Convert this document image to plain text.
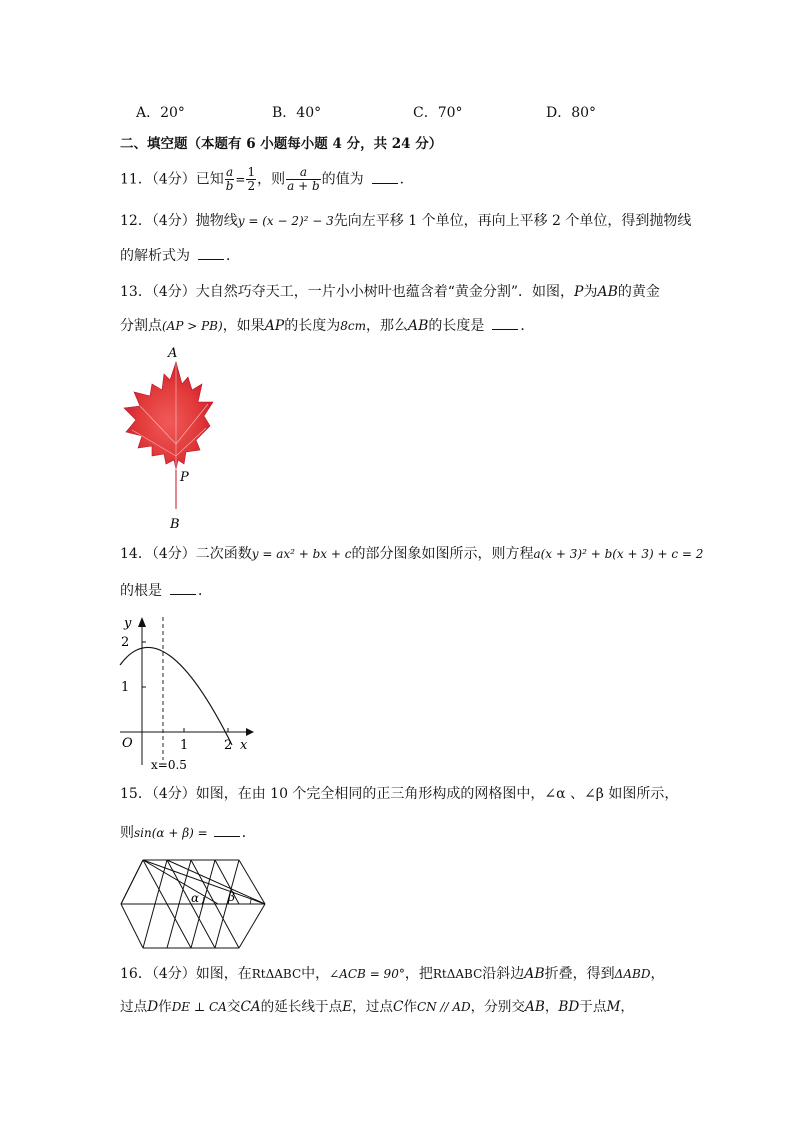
A．20°	B．40°	C．70°	D．80°
二、填空题（本题有 6 小题每小题 4 分，共 24 分）
11．（4分）已知 $\frac{a}{b} = \frac{1}{2}$ ，则 $\frac{a}{a + b}$ 的值为	．
12．（4分）抛物线y = (x − 2)² − 3先向左平移 1 个单位，再向上平移 2 个单位，得到抛物线
的解析式为	．
13．（4分）大自然巧夺天工，一片小小树叶也蕴含着“黄金分割”．如图，P为AB的黄金
分割点(AP > PB)，如果AP的长度为8cm，那么AB的长度是	．
A
P
B
14．（4分）二次函数y = ax² + bx + c的部分图象如图所示，则方程a(x + 3)² + b(x + 3) + c = 2
的根是	．
y
x
O
2
1
1	2
x=0.5
15．（4分）如图，在由 10 个完全相同的正三角形构成的网格图中，∠α 、∠β 如图所示，
则sin(α + β) = ．
α β
16．（4分）如图，在RtΔABC中，∠ACB = 90°，把RtΔABC沿斜边AB折叠，得到ΔABD，
过点D作DE ⊥ CA交CA的延长线于点E，过点C作CN // AD，分别交AB，BD于点M，
